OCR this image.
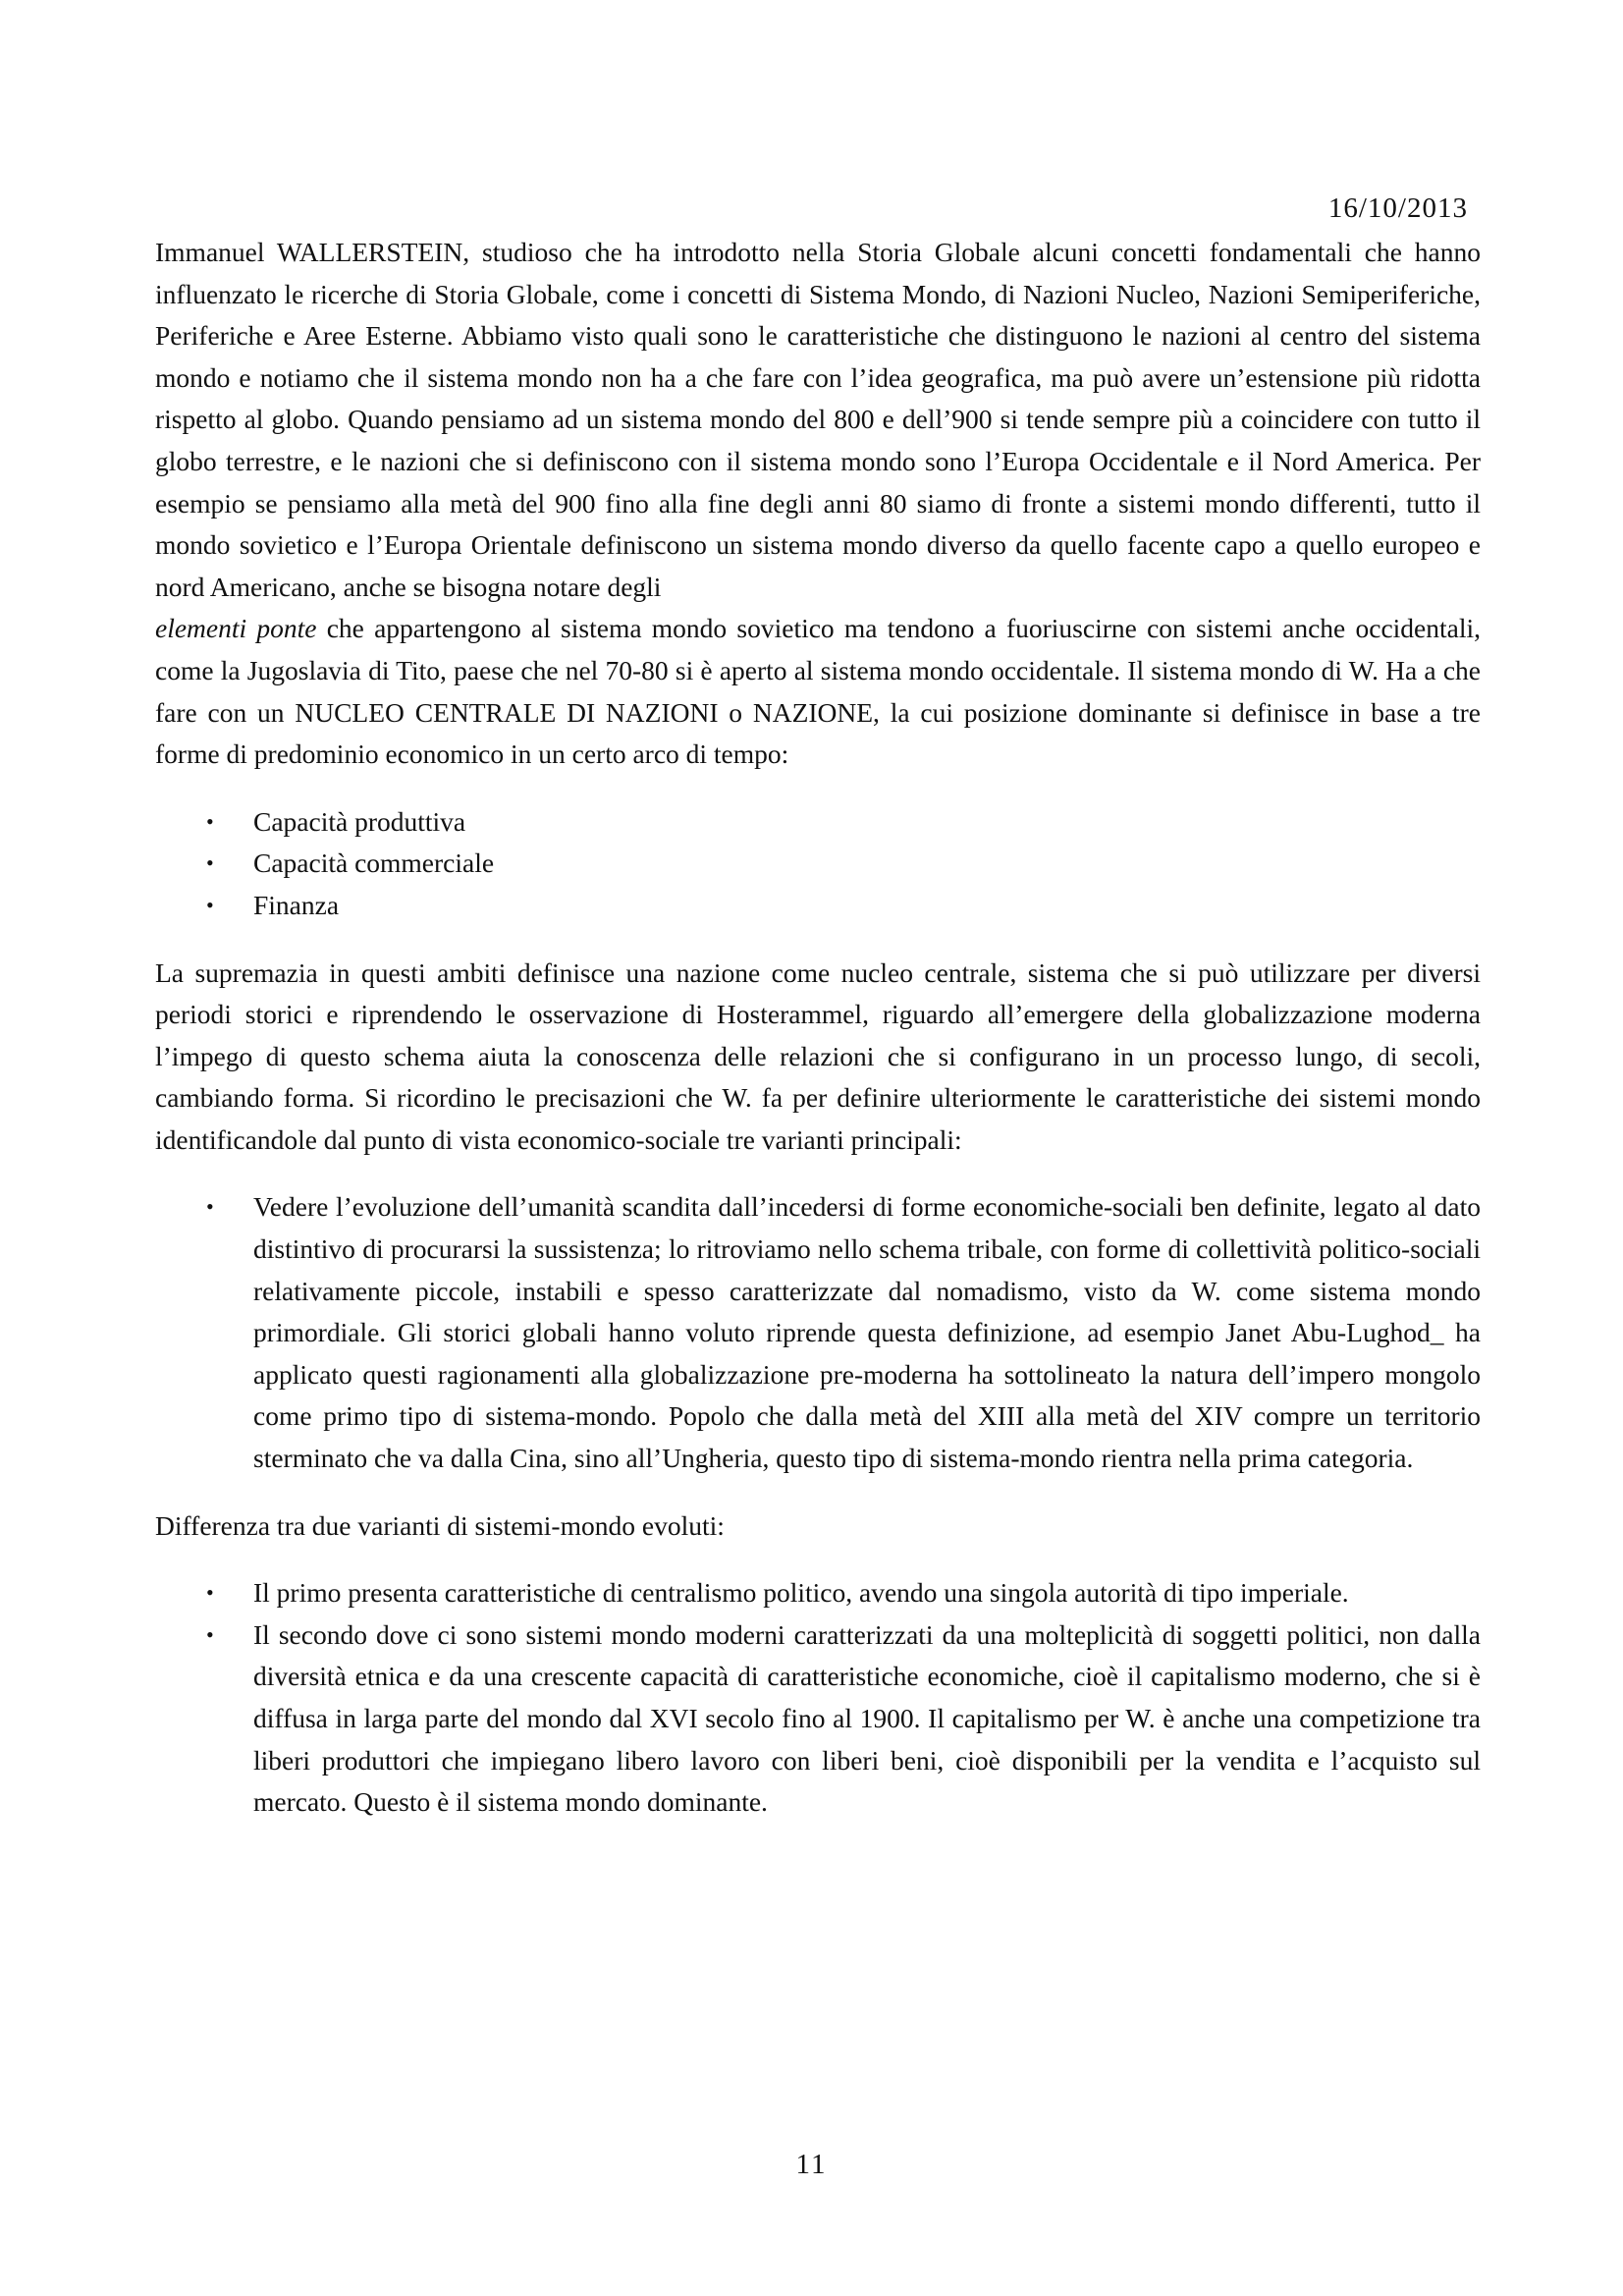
16/10/2013

Immanuel WALLERSTEIN, studioso che ha introdotto nella Storia Globale alcuni concetti fondamentali che hanno influenzato le ricerche di Storia Globale, come i concetti di Sistema Mondo, di Nazioni Nucleo, Nazioni Semiperiferiche, Periferiche e Aree Esterne. Abbiamo visto quali sono le caratteristiche che distinguono le nazioni al centro del sistema mondo e notiamo che il sistema mondo non ha a che fare con l’idea geografica, ma può avere un’estensione più ridotta rispetto al globo. Quando pensiamo ad un sistema mondo del 800 e dell’900 si tende sempre più a coincidere con tutto il globo terrestre, e le nazioni che si definiscono con il sistema mondo sono l’Europa Occidentale e il Nord America. Per esempio se pensiamo alla metà del 900 fino alla fine degli anni 80 siamo di fronte a sistemi mondo differenti, tutto il mondo sovietico e l’Europa Orientale definiscono un sistema mondo diverso da quello facente capo a quello europeo e nord Americano, anche se bisogna notare degli
elementi ponte che appartengono al sistema mondo sovietico ma tendono a fuoriuscirne con sistemi anche occidentali, come la Jugoslavia di Tito, paese che nel 70-80 si è aperto al sistema mondo occidentale. Il sistema mondo di W. Ha a che fare con un NUCLEO CENTRALE DI NAZIONI o NAZIONE, la cui posizione dominante si definisce in base a tre forme di predominio economico in un certo arco di tempo:

• Capacità produttiva
• Capacità commerciale
• Finanza

La supremazia in questi ambiti definisce una nazione come nucleo centrale, sistema che si può utilizzare per diversi periodi storici e riprendendo le osservazione di Hosterammel, riguardo all’emergere della globalizzazione moderna l’impego di questo schema aiuta la conoscenza delle relazioni che si configurano in un processo lungo, di secoli, cambiando forma. Si ricordino le precisazioni che W. fa per definire ulteriormente le caratteristiche dei sistemi mondo identificandole dal punto di vista economico-sociale tre varianti principali:

• Vedere l’evoluzione dell’umanità scandita dall’incedersi di forme economiche-sociali ben definite, legato al dato distintivo di procurarsi la sussistenza; lo ritroviamo nello schema tribale, con forme di collettività politico-sociali relativamente piccole, instabili e spesso caratterizzate dal nomadismo, visto da W. come sistema mondo primordiale. Gli storici globali hanno voluto riprende questa definizione, ad esempio Janet Abu-Lughod_ ha applicato questi ragionamenti alla globalizzazione pre-moderna ha sottolineato la natura dell’impero mongolo come primo tipo di sistema-mondo. Popolo che dalla metà del XIII alla metà del XIV compre un territorio sterminato che va dalla Cina, sino all’Ungheria, questo tipo di sistema-mondo rientra nella prima categoria.

Differenza tra due varianti di sistemi-mondo evoluti:

• Il primo presenta caratteristiche di centralismo politico, avendo una singola autorità di tipo imperiale.
• Il secondo dove ci sono sistemi mondo moderni caratterizzati da una molteplicità di soggetti politici, non dalla diversità etnica e da una crescente capacità di caratteristiche economiche, cioè il capitalismo moderno, che si è diffusa in larga parte del mondo dal XVI secolo fino al 1900. Il capitalismo per W. è anche una competizione tra liberi produttori che impiegano libero lavoro con liberi beni, cioè disponibili per la vendita e l’acquisto sul mercato. Questo è il sistema mondo dominante.
11
